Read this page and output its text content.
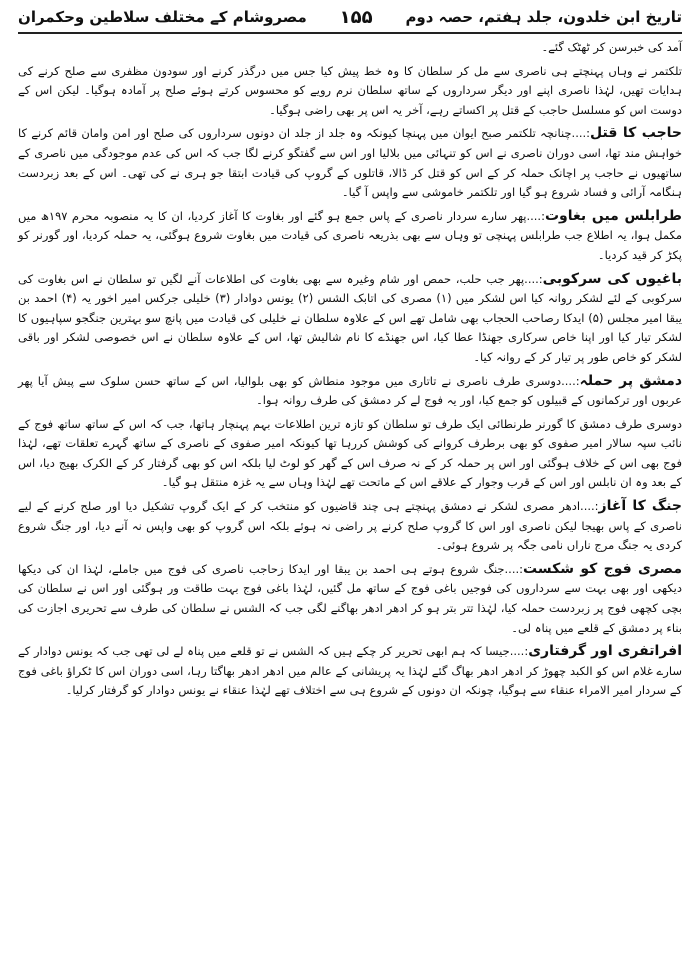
تاریخ ابن خلدون، جلد ہفتم، حصہ دوم
۱۵۵
مصروشام کے مختلف سلاطین وحکمران

آمد کی خبرسن کر ٹھٹک گئے۔

تلکتمر نے وہاں پہنچتے ہی ناصری سے مل کر سلطان کا وہ خط پیش کیا جس میں درگذر کرنے اور سودون مظفری سے صلح کرنے کی ہدایات تھیں، لہٰذا ناصری اپنے اور دیگر سرداروں کے ساتھ سلطان نرم رویے کو محسوس کرتے ہوئے صلح پر آمادہ ہوگیا۔ لیکن اس کے دوست اس کو مسلسل حاجب کے قتل پر اکساتے رہے، آخر یہ اس پر بھی راضی ہوگیا۔

حاجب کا قتل:....چنانچہ تلکتمر صبح ایوان میں پہنچا کیونکہ وہ جلد از جلد ان دونوں سرداروں کی صلح اور امن وامان قائم کرنے کا خواہش مند تھا، اسی دوران ناصری نے اس کو تنہائی میں بلالیا اور اس سے گفتگو کرنے لگا جب کہ اس کی عدم موجودگی میں ناصری کے ساتھیوں نے حاجب پر اچانک حملہ کر کے اس کو قتل کر ڈالا، قاتلوں کے گروپ کی قیادت ابتقا جو ہری نے کی تھی۔ اس کے بعد زبردست ہنگامہ آرائی و فساد شروع ہو گیا اور تلکتمر خاموشی سے واپس آ گیا۔

طرابلس میں بغاوت:....پھر سارے سردار ناصری کے پاس جمع ہو گئے اور بغاوت کا آغاز کردیا، ان کا یہ منصوبہ محرم ۱۹۷ھ میں مکمل ہوا، یہ اطلاع جب طرابلس پہنچی تو وہاں سے بھی بذریعہ ناصری کی قیادت میں بغاوت شروع ہوگئی، یہ حملہ کردیا، اور گورنر کو پکڑ کر قید کردیا۔

باغیوں کی سرکوبی:....پھر جب حلب، حمص اور شام وغیرہ سے بھی بغاوت کی اطلاعات آنے لگیں تو سلطان نے اس بغاوت کی سرکوبی کے لئے لشکر روانہ کیا اس لشکر میں (۱) مصری کی اتابک الشس (۲) یونس دوادار (۳) خلیلی جرکس امیر اخور یہ (۴) احمد بن یبقا امیر مجلس (۵) ایدکا رصاحب الحجاب بھی شامل تھے اس کے علاوہ سلطان نے خلیلی کی قیادت میں پانچ سو بہترین جنگجو سپاہیوں کا لشکر تیار کیا اور اپنا خاص سرکاری جھنڈا عطا کیا، اس جھنڈے کا نام شالیش تھا، اس کے علاوہ سلطان نے اس خصوصی لشکر اور باقی لشکر کو خاص طور پر تیار کر کے روانہ کیا۔

دمشق پر حملہ:....دوسری طرف ناصری نے تاتاری میں موجود منطاش کو بھی بلوالیا، اس کے ساتھ حسن سلوک سے پیش آیا پھر عربوں اور ترکمانوں کے قبیلوں کو جمع کیا، اور یہ فوج لے کر دمشق کی طرف روانہ ہوا۔

دوسری طرف دمشق کا گورنر طرنطائی ایک طرف تو سلطان کو تازہ ترین اطلاعات بہم پہنچار ہاتھا، جب کہ اس کے ساتھ ساتھ فوج کے نائب سپہ سالار امیر صفوی کو بھی برطرف کروانے کی کوشش کررہا تھا کیونکہ امیر صفوی کے ناصری کے ساتھ گہرے تعلقات تھے، لہٰذا فوج بھی اس کے خلاف ہوگئی اور اس پر حملہ کر کے نہ صرف اس کے گھر کو لوٹ لیا بلکہ اس کو بھی گرفتار کر کے الکرک بھیج دیا، اس کے بعد وہ ان نابلس اور اس کے قرب وجوار کے علاقے اس کے ماتحت تھے لہٰذا وہاں سے یہ غزہ منتقل ہو گیا۔

جنگ کا آغاز:....ادھر مصری لشکر نے دمشق پہنچتے ہی چند قاضیوں کو منتخب کر کے ایک گروپ تشکیل دیا اور صلح کرنے کے لیے ناصری کے پاس بھیجا لیکن ناصری اور اس کا گروپ صلح کرنے پر راضی نہ ہوئے بلکہ اس گروپ کو بھی واپس نہ آنے دیا، اور جنگ شروع کردی یہ جنگ مرج ناراں نامی جگہ پر شروع ہوئی۔

مصری فوج کو شکست:....جنگ شروع ہوتے ہی احمد بن یبقا اور ایدکا زحاجب ناصری کی فوج میں جاملے، لہٰذا ان کی دیکھا دیکھی اور بھی بہت سے سرداروں کی فوجیں باغی فوج کے ساتھ مل گئیں، لہٰذا باغی فوج بہت طاقت ور ہوگئی اور اس نے سلطان کی بچی کچھی فوج پر زبردست حملہ کیا، لہٰذا تتر بتر ہو کر ادھر ادھر بھاگنے لگی جب کہ الشس نے سلطان کی طرف سے تحریری اجازت کی بناء پر دمشق کے قلعے میں پناہ لی۔

افراتفری اور گرفتاری:....جیسا کہ ہم ابھی تحریر کر چکے ہیں کہ الشس نے تو قلعے میں پناہ لے لی تھی جب کہ یونس دوادار کے سارے غلام اس کو الکبد چھوڑ کر ادھر ادھر بھاگ گئے لہٰذا یہ پریشانی کے عالم میں ادھر ادھر بھاگتا رہا، اسی دوران اس کا ٹکراؤ باغی فوج کے سردار امیر الامراء عنقاء سے ہوگیا، چونکہ ان دونوں کے شروع ہی سے اختلاف تھے لہٰذا عنقاء نے یونس دوادار کو گرفتار کرلیا۔
